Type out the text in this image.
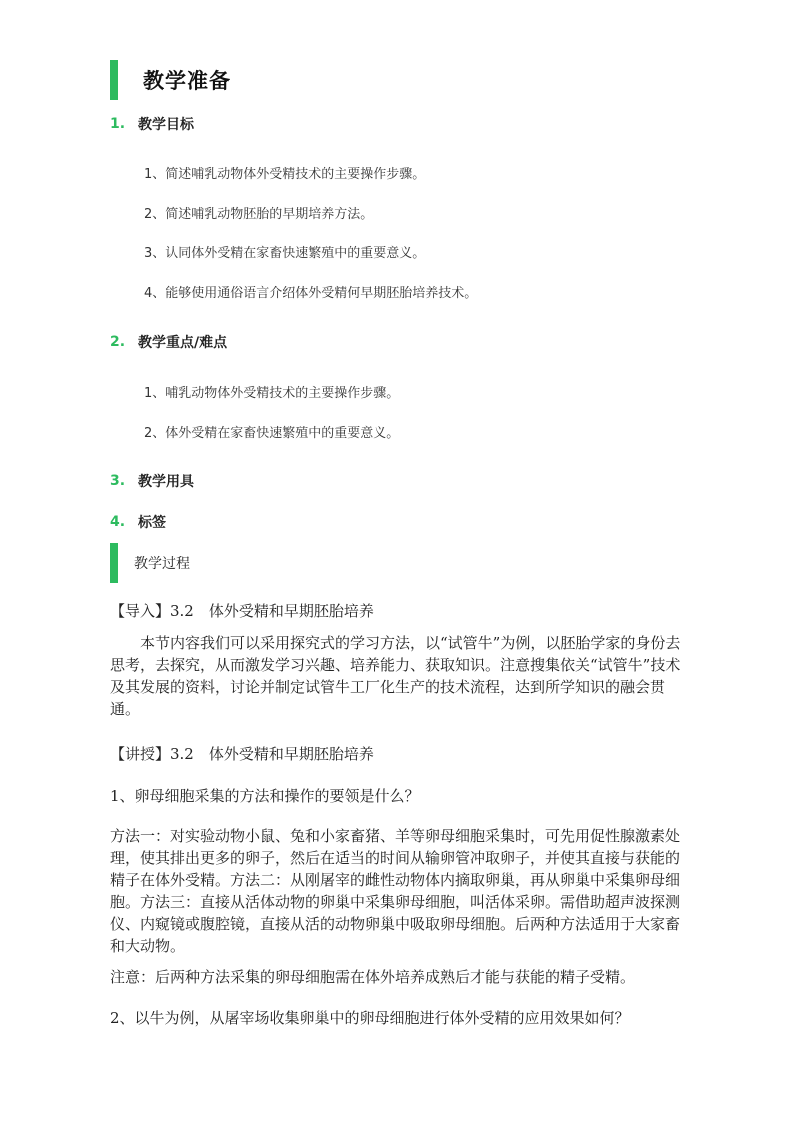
教学准备
1. 教学目标
1、简述哺乳动物体外受精技术的主要操作步骤。
2、简述哺乳动物胚胎的早期培养方法。
3、认同体外受精在家畜快速繁殖中的重要意义。
4、能够使用通俗语言介绍体外受精何早期胚胎培养技术。
2. 教学重点/难点
1、哺乳动物体外受精技术的主要操作步骤。
2、体外受精在家畜快速繁殖中的重要意义。
3. 教学用具
4. 标签
教学过程
【导入】3.2　体外受精和早期胚胎培养
本节内容我们可以采用探究式的学习方法，以“试管牛”为例，以胚胎学家的身份去思考，去探究，从而激发学习兴趣、培养能力、获取知识。注意搜集依关“试管牛”技术及其发展的资料，讨论并制定试管牛工厂化生产的技术流程，达到所学知识的融会贯通。
【讲授】3.2　体外受精和早期胚胎培养
1、卵母细胞采集的方法和操作的要领是什么？
方法一：对实验动物小鼠、兔和小家畜猪、羊等卵母细胞采集时，可先用促性腺激素处理，使其排出更多的卵子，然后在适当的时间从输卵管冲取卵子，并使其直接与获能的精子在体外受精。方法二：从刚屠宰的雌性动物体内摘取卵巢，再从卵巢中采集卵母细胞。方法三：直接从活体动物的卵巢中采集卵母细胞，叫活体采卵。需借助超声波探测仪、内窥镜或腹腔镜，直接从活的动物卵巢中吸取卵母细胞。后两种方法适用于大家畜和大动物。
注意：后两种方法采集的卵母细胞需在体外培养成熟后才能与获能的精子受精。
2、以牛为例，从屠宰场收集卵巢中的卵母细胞进行体外受精的应用效果如何？
